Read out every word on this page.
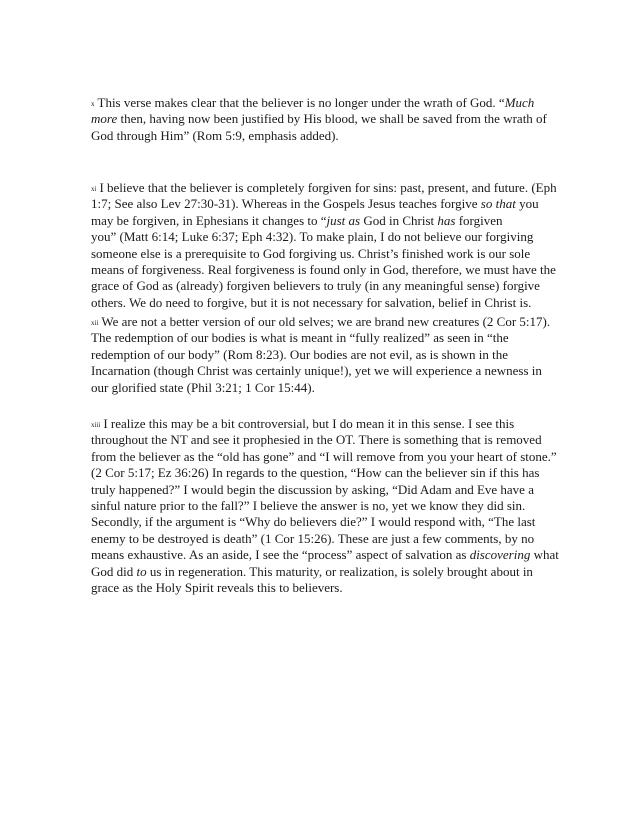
$^x$ This verse makes clear that the believer is no longer under the wrath of God. “Much
more then, having now been justified by His blood, we shall be saved from the wrath of
God through Him” (Rom 5:9, emphasis added).

$^{xi}$ I believe that the believer is completely forgiven for sins: past, present, and future. (Eph
1:7; See also Lev 27:30-31). Whereas in the Gospels Jesus teaches forgive so that you
may be forgiven, in Ephesians it changes to “just as God in Christ has forgiven
you” (Matt 6:14; Luke 6:37; Eph 4:32). To make plain, I do not believe our forgiving
someone else is a prerequisite to God forgiving us. Christ’s finished work is our sole
means of forgiveness. Real forgiveness is found only in God, therefore, we must have the
grace of God as (already) forgiven believers to truly (in any meaningful sense) forgive
others. We do need to forgive, but it is not necessary for salvation, belief in Christ is.

$^{xii}$ We are not a better version of our old selves; we are brand new creatures (2 Cor 5:17).
The redemption of our bodies is what is meant in “fully realized” as seen in “the
redemption of our body” (Rom 8:23). Our bodies are not evil, as is shown in the
Incarnation (though Christ was certainly unique!), yet we will experience a newness in
our glorified state (Phil 3:21; 1 Cor 15:44).

$^{xiii}$ I realize this may be a bit controversial, but I do mean it in this sense. I see this
throughout the NT and see it prophesied in the OT. There is something that is removed
from the believer as the “old has gone” and “I will remove from you your heart of stone.”
(2 Cor 5:17; Ez 36:26) In regards to the question, “How can the believer sin if this has
truly happened?” I would begin the discussion by asking, “Did Adam and Eve have a
sinful nature prior to the fall?” I believe the answer is no, yet we know they did sin.
Secondly, if the argument is “Why do believers die?” I would respond with, “The last
enemy to be destroyed is death” (1 Cor 15:26). These are just a few comments, by no
means exhaustive. As an aside, I see the “process” aspect of salvation as discovering what
God did to us in regeneration. This maturity, or realization, is solely brought about in
grace as the Holy Spirit reveals this to believers.
